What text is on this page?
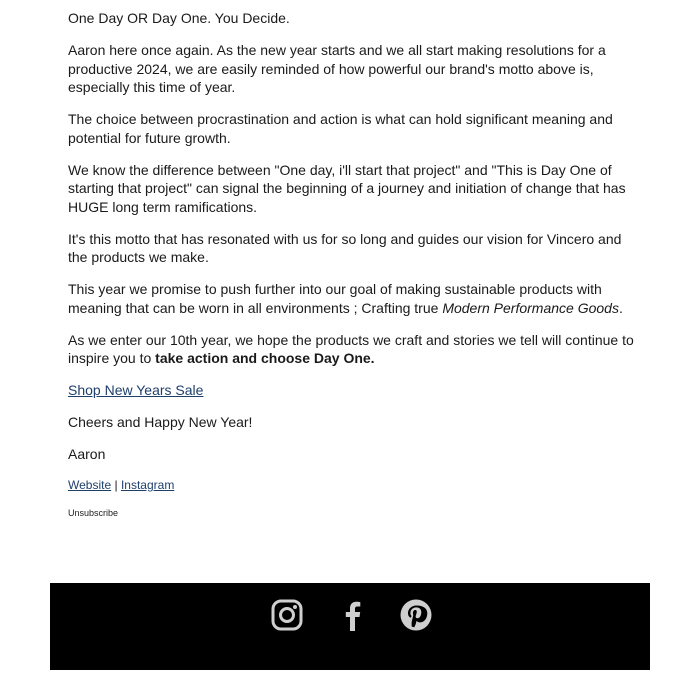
One Day OR Day One. You Decide.

Aaron here once again. As the new year starts and we all start making resolutions for a productive 2024, we are easily reminded of how powerful our brand's motto above is, especially this time of year.

The choice between procrastination and action is what can hold significant meaning and potential for future growth.

We know the difference between "One day, i'll start that project" and "This is Day One of starting that project" can signal the beginning of a journey and initiation of change that has HUGE long term ramifications.

It's this motto that has resonated with us for so long and guides our vision for Vincero and the products we make.

This year we promise to push further into our goal of making sustainable products with meaning that can be worn in all environments ; Crafting true Modern Performance Goods.

As we enter our 10th year, we hope the products we craft and stories we tell will continue to inspire you to take action and choose Day One.

Shop New Years Sale

Cheers and Happy New Year!

Aaron

Website | Instagram

Unsubscribe
